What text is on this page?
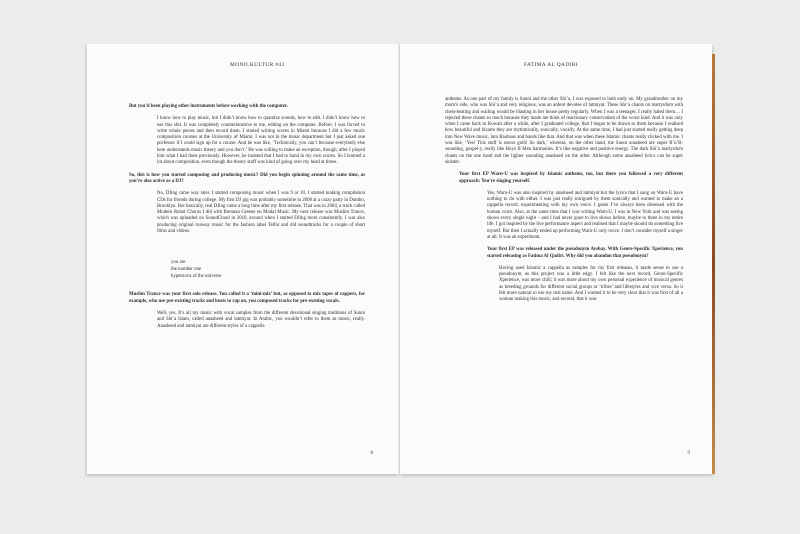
MONO.KULTUR #43

But you’d been playing other instruments before working with the computer.

I know how to play music, but I didn’t know how to quantize sounds, how to edit. I didn’t know how to use this shit. It was completely counterintuitive to me, editing on the computer. Before, I was forced to write whole pieces and then record them. I started writing scores in Miami because I did a few music composition courses at the University of Miami. I was not in the music department but I just asked one professor if I could sign up for a course. And he was like, ‘Technically, you can’t because everybody else here understands music theory and you don’t.’ He was willing to make an exception, though, after I played him what I had done previously. However, he insisted that I had to hand in my own scores. So I learned a lot about composition, even though the theory stuff was kind of going over my head at times.

So, this is how you started composing and producing music? Did you begin spinning around the same time, as you’re also active as a DJ?

No, DJing came way later. I started composing music when I was 9 or 10. I started making compilation CDs for friends during college. My first DJ gig was probably sometime in 2008 at a crazy party in Dumbo, Brooklyn. But basically, real DJing came a long time after my first release. That was in 2004, a track called Modern Robot Chorus I did with Brennan Greene on Modal Music. My next release was Muslim Trance, which was uploaded on SoundCloud in 2010, around when I started DJing more consistently. I was also producing original runway music for the fashion label Telfar and did soundtracks for a couple of short films and videos.

you are
the number one
hypernova of the universe

Muslim Trance was your first solo release. You called it a ‘mini-mix’ but, as opposed to mix tapes of rappers, for example, who use pre-existing tracks and beats to rap on, you composed tracks for pre-existing vocals.

Well, yes. It’s all my music with vocal samples from the different devotional singing traditions of Sunni and Shi’a Islam, called anasheed and latmiyat. In Arabic, you wouldn’t refer to them as music, really. Anasheed and latmiyat are different styles of a cappella

8
FATIMA AL QADIRI

anthems. As one part of my family is Sunni and the other Shi’a, I was exposed to both early on. My grandmother on my mom’s side, who was Shi’a and very religious, was an ardent devotee of latmiyat. These Shi’a chants on martyrdom with chest-beating and wailing would be blasting in her house pretty regularly. When I was a teenager, I really hated them… I rejected these chants so much because they made me think of reactionary conservatism of the worst kind. And it was only when I came back to Kuwait after a while, after I graduated college, that I began to be drawn to them because I realised how beautiful and bizarre they are rhythmically, sonically, vocally. At the same time, I had just started really getting deep into New Wave music, into Bauhaus and bands like that. And that was when these Islamic chants really clicked with me. I was like, ‘Yes! This stuff is soooo goth! So dark,’ whereas, on the other hand, the Sunni anasheed are super R’n’B-sounding, gospel-y, really like Boyz II Men harmonies. It’s like negative and positive energy. The dark Shi’a martyrdom chants on the one hand and the lighter sounding anasheed on the other. Although some anasheed lyrics can be super sinister.

Your first EP Warn-U was inspired by Islamic anthems, too, but there you followed a very different approach: You’re singing yourself.

Yes, Warn-U was also inspired by anasheed and latmiyat but the lyrics that I sang on Warn-U have nothing to do with either. I was just really intrigued by them sonically and wanted to make an a cappella record, experimenting with my own voice. I guess I’ve always been obsessed with the human voice. Also, at the same time that I was writing Warn-U, I was in New York and was seeing shows every single night – and I had never gone to live shows before, maybe to three in my entire life. I got inspired by the live performance aspect and realised that I maybe should do something live myself. But then I actually ended up performing Warn-U only twice. I don’t consider myself a singer at all. It was an experiment.

Your first EP was released under the pseudonym Ayshay. With Genre-Specific Xperience, you started releasing as Fatima Al Qadiri. Why did you abandon that pseudonym?

Having used Islamic a cappella as samples for my first releases, it made sense to use a pseudonym, as this project was a little edgy. I felt like the next record, Genre-Specific Xperience, was more chill; it was more about my own personal experience of musical genres as breeding grounds for different social groups or ‘tribes’ and lifestyles and vice versa. So it felt more natural to use my real name. And I wanted it to be very clear that it was first of all a woman making this music, and second, that it was

9
